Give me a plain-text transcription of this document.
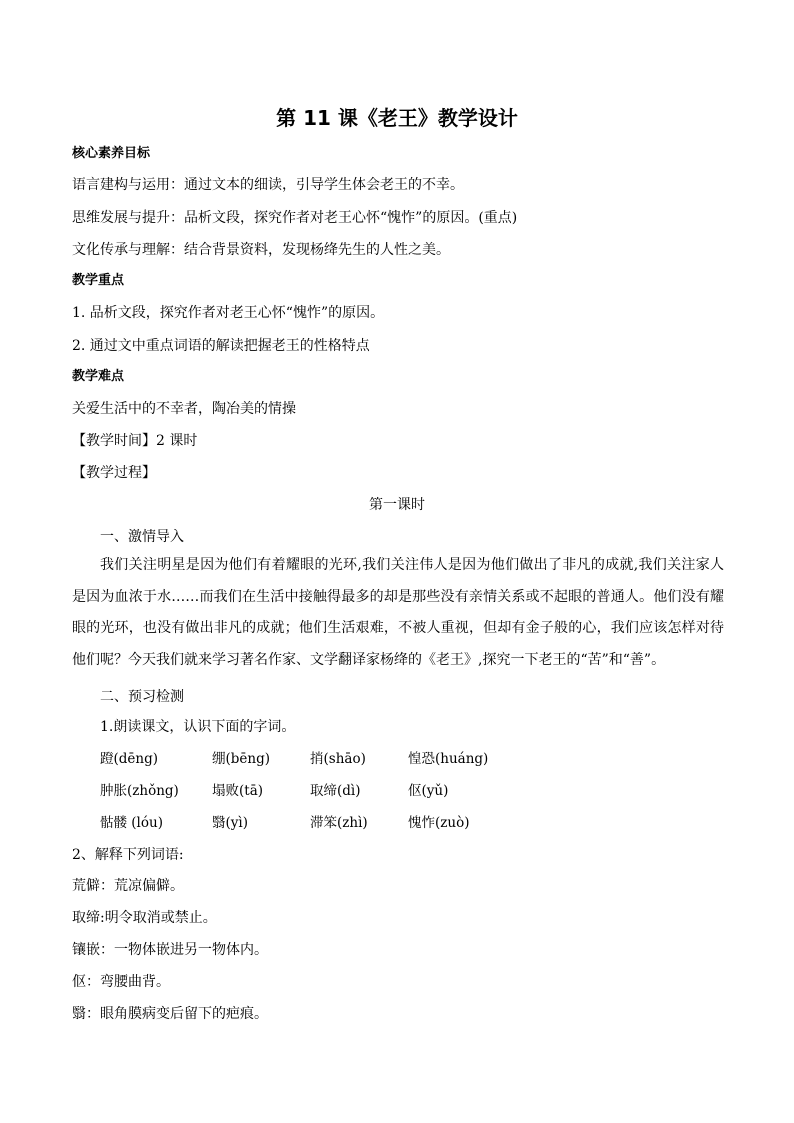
第 11 课《老王》教学设计
核心素养目标
语言建构与运用：通过文本的细读，引导学生体会老王的不幸。
思维发展与提升：品析文段，探究作者对老王心怀“愧怍”的原因。(重点)
文化传承与理解：结合背景资料，发现杨绛先生的人性之美。
教学重点
1. 品析文段，探究作者对老王心怀“愧怍”的原因。
2. 通过文中重点词语的解读把握老王的性格特点
教学难点
关爱生活中的不幸者，陶冶美的情操
【教学时间】2 课时
【教学过程】
第一课时
一、激情导入
我们关注明星是因为他们有着耀眼的光环,我们关注伟人是因为他们做出了非凡的成就,我们关注家人是因为血浓于水……而我们在生活中接触得最多的却是那些没有亲情关系或不起眼的普通人。他们没有耀眼的光环，也没有做出非凡的成就；他们生活艰难，不被人重视，但却有金子般的心，我们应该怎样对待他们呢？今天我们就来学习著名作家、文学翻译家杨绛的《老王》,探究一下老王的“苦”和“善”。
二、预习检测
1.朗读课文，认识下面的字词。
蹬(dēng)	绷(bēng)	捎(shāo)	惶恐(huáng)
肿胀(zhǒng) 塌败(tā)	取缔(dì)	伛(yǔ)
骷髅 (lóu)	翳(yì)	滞笨(zhì)	愧怍(zuò)
2、解释下列词语:
荒僻：荒凉偏僻。
取缔:明令取消或禁止。
镶嵌：一物体嵌进另一物体内。
伛：弯腰曲背。
翳：眼角膜病变后留下的疤痕。
